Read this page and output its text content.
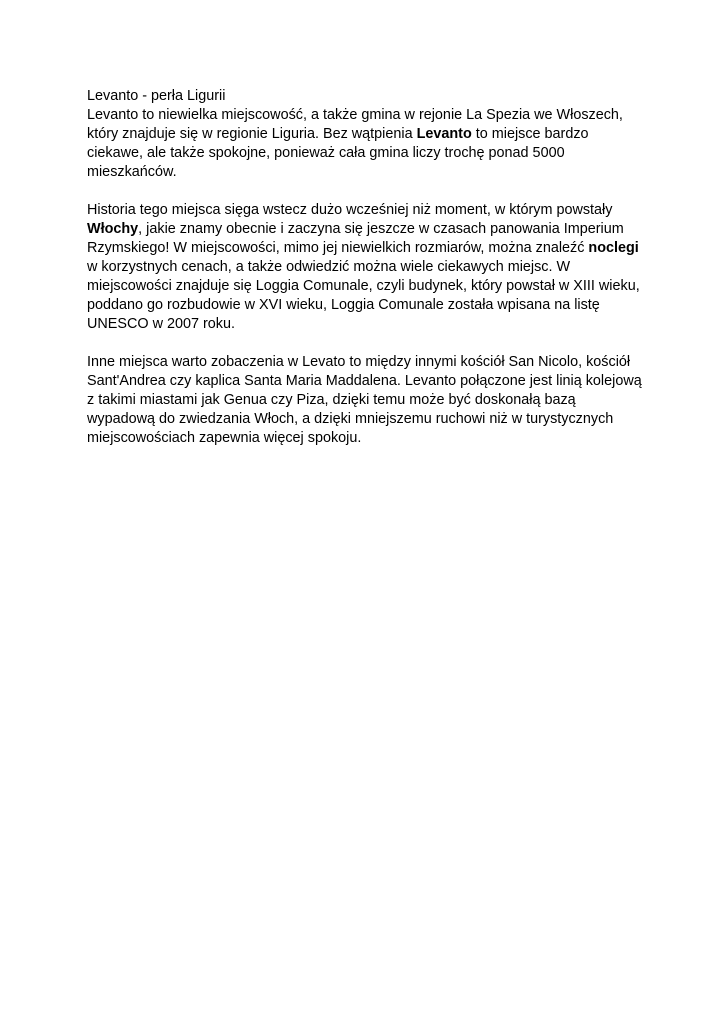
Levanto - perła Ligurii

Levanto to niewielka miejscowość, a także gmina w rejonie La Spezia we Włoszech, który znajduje się w regionie Liguria. Bez wątpienia Levanto to miejsce bardzo ciekawe, ale także spokojne, ponieważ cała gmina liczy trochę ponad 5000 mieszkańców.

Historia tego miejsca sięga wstecz dużo wcześniej niż moment, w którym powstały Włochy, jakie znamy obecnie i zaczyna się jeszcze w czasach panowania Imperium Rzymskiego! W miejscowości, mimo jej niewielkich rozmiarów, można znaleźć noclegi w korzystnych cenach, a także odwiedzić można wiele ciekawych miejsc. W miejscowości znajduje się Loggia Comunale, czyli budynek, który powstał w XIII wieku, poddano go rozbudowie w XVI wieku, Loggia Comunale została wpisana na listę UNESCO w 2007 roku.

Inne miejsca warto zobaczenia w Levato to między innymi kościół San Nicolo, kościół Sant'Andrea czy kaplica Santa Maria Maddalena. Levanto połączone jest linią kolejową z takimi miastami jak Genua czy Piza, dzięki temu może być doskonałą bazą wypadową do zwiedzania Włoch, a dzięki mniejszemu ruchowi niż w turystycznych miejscowościach zapewnia więcej spokoju.
